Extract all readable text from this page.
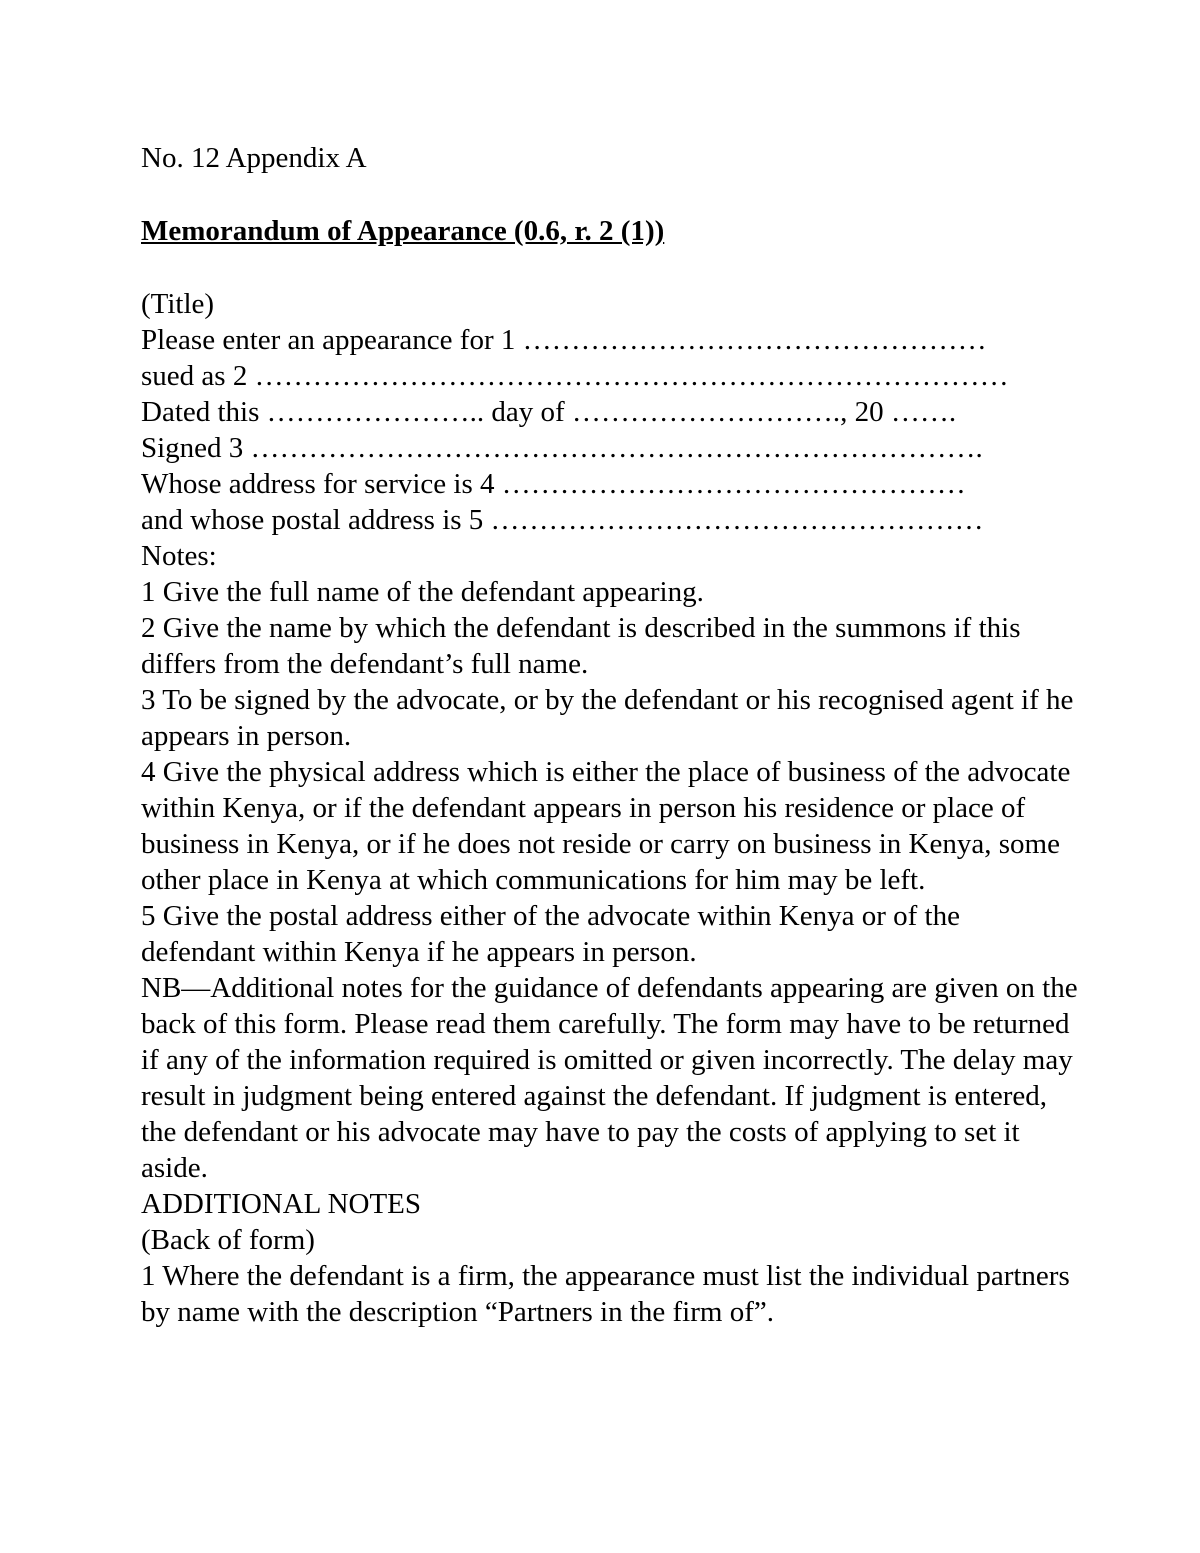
No. 12 Appendix A

Memorandum of Appearance (0.6, r. 2 (1))

(Title)

Please enter an appearance for 1 …………………………………………

sued as 2 ……………………………………………………………………

Dated this ………………….. day of ………………………., 20 …….

Signed 3 ………………………………………………………………….

Whose address for service is 4 …………………………………………

and whose postal address is 5 ……………………………………………

Notes:

1 Give the full name of the defendant appearing.

2 Give the name by which the defendant is described in the summons if this differs from the defendant’s full name.

3 To be signed by the advocate, or by the defendant or his recognised agent if he appears in person.

4 Give the physical address which is either the place of business of the advocate within Kenya, or if the defendant appears in person his residence or place of business in Kenya, or if he does not reside or carry on business in Kenya, some other place in Kenya at which communications for him may be left.

5 Give the postal address either of the advocate within Kenya or of the defendant within Kenya if he appears in person.

NB—Additional notes for the guidance of defendants appearing are given on the back of this form. Please read them carefully. The form may have to be returned if any of the information required is omitted or given incorrectly. The delay may result in judgment being entered against the defendant. If judgment is entered, the defendant or his advocate may have to pay the costs of applying to set it aside.

ADDITIONAL NOTES

(Back of form)

1 Where the defendant is a firm, the appearance must list the individual partners by name with the description “Partners in the firm of”.
